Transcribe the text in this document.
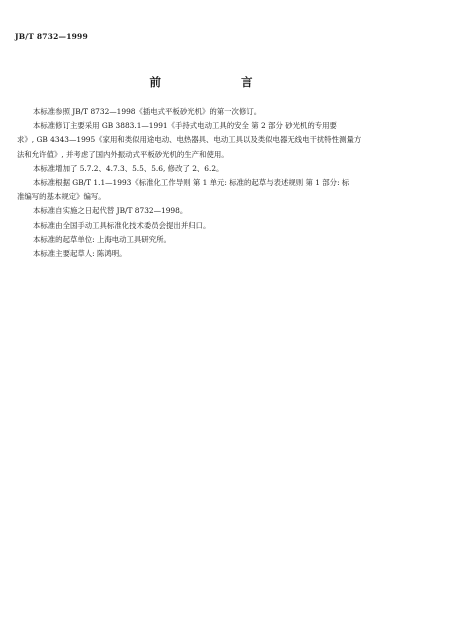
JB/T 8732—1999
前 言

本标准参照 JB/T 8732—1998《插电式平板砂光机》的第一次修订。

本标准修订主要采用 GB 3883.1—1991《手持式电动工具的安全 第 2 部分 砂光机的专用要
求》, GB 4343—1995《家用和类似用途电动、电热器具、电动工具以及类似电器无线电干扰特性测量方
法和允许值》, 并考虑了国内外振动式平板砂光机的生产和使用。

本标准增加了 5.7.2、4.7.3、5.5、5.6, 修改了 2、6.2。

本标准根据 GB/T 1.1—1993《标准化工作导则 第 1 单元: 标准的起草与表述规则 第 1 部分: 标
准编写的基本规定》编写。

本标准自实施之日起代替 JB/T 8732—1998。

本标准由全国手动工具标准化技术委员会提出并归口。

本标准的起草单位: 上海电动工具研究所。

本标准主要起草人: 陈鸿明。
